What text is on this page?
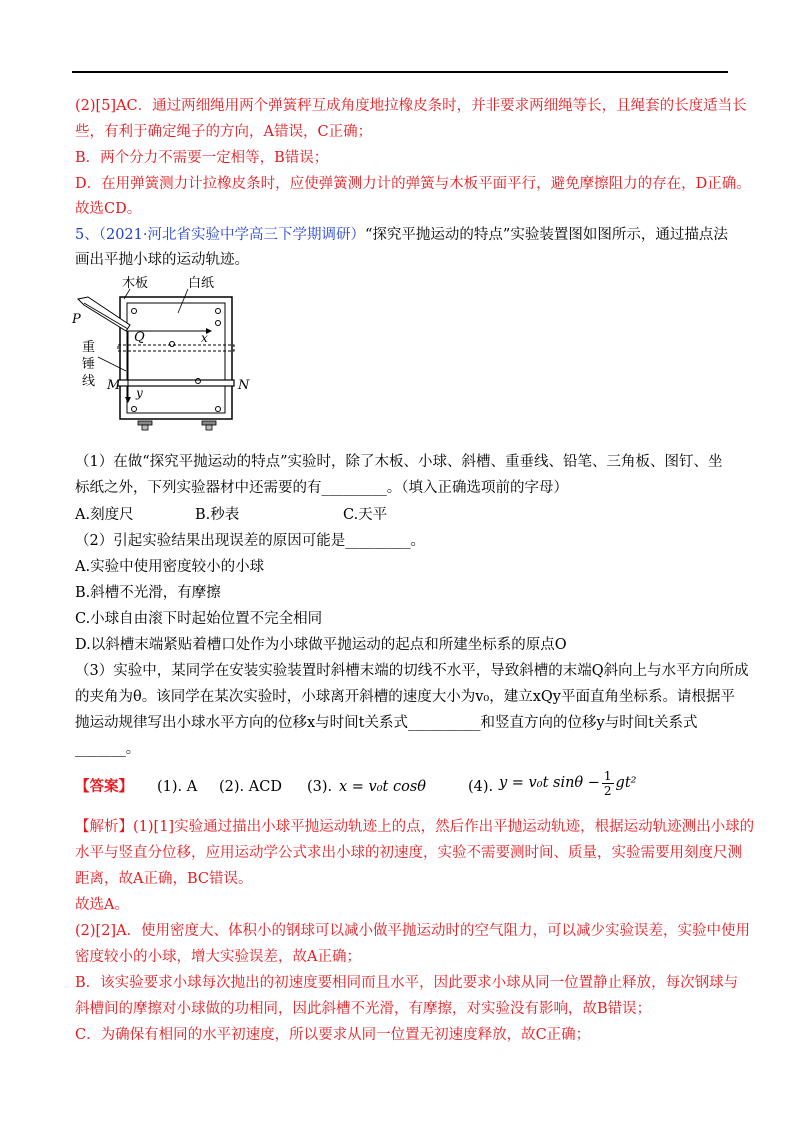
(2)[5]AC．通过两细绳用两个弹簧秤互成角度地拉橡皮条时，并非要求两细绳等长，且绳套的长度适当长
些，有利于确定绳子的方向，A错误，C正确；
B．两个分力不需要一定相等，B错误；
D．在用弹簧测力计拉橡皮条时，应使弹簧测力计的弹簧与木板平面平行，避免摩擦阻力的存在，D正确。
故选CD。
5、（2021·河北省实验中学高三下学期调研）“探究平抛运动的特点”实验装置图如图所示，通过描点法
画出平抛小球的运动轨迹。
木板	白纸
P
Q	x
y
M	N
重
锤
线
（1）在做“探究平抛运动的特点”实验时，除了木板、小球、斜槽、重垂线、铅笔、三角板、图钉、坐
标纸之外，下列实验器材中还需要的有_________。（填入正确选项前的字母）
A.刻度尺	B.秒表	C.天平
（2）引起实验结果出现误差的原因可能是_________。
A.实验中使用密度较小的小球
B.斜槽不光滑，有摩擦
C.小球自由滚下时起始位置不完全相同
D.以斜槽末端紧贴着槽口处作为小球做平抛运动的起点和所建坐标系的原点O
（3）实验中，某同学在安装实验装置时斜槽末端的切线不水平，导致斜槽的末端Q斜向上与水平方向所成
的夹角为θ。该同学在某次实验时，小球离开斜槽的速度大小为v₀，建立xQy平面直角坐标系。请根据平
抛运动规律写出小球水平方向的位移x与时间t关系式__________和竖直方向的位移y与时间t关系式
_______。
【答案】 (1). A (2). ACD (3). x = v₀t cosθ	(4). y = v₀t $\sin\theta - \frac{1}{2} gt^2$
【解析】(1)[1]实验通过描出小球平抛运动轨迹上的点，然后作出平抛运动轨迹，根据运动轨迹测出小球的
水平与竖直分位移，应用运动学公式求出小球的初速度，实验不需要测时间、质量，实验需要用刻度尺测
距离，故A正确，BC错误。
故选A。
(2)[2]A．使用密度大、体积小的钢球可以减小做平抛运动时的空气阻力，可以减少实验误差，实验中使用
密度较小的小球，增大实验误差，故A正确；
B．该实验要求小球每次抛出的初速度要相同而且水平，因此要求小球从同一位置静止释放，每次钢球与
斜槽间的摩擦对小球做的功相同，因此斜槽不光滑，有摩擦，对实验没有影响，故B错误；
C．为确保有相同的水平初速度，所以要求从同一位置无初速度释放，故C正确；
